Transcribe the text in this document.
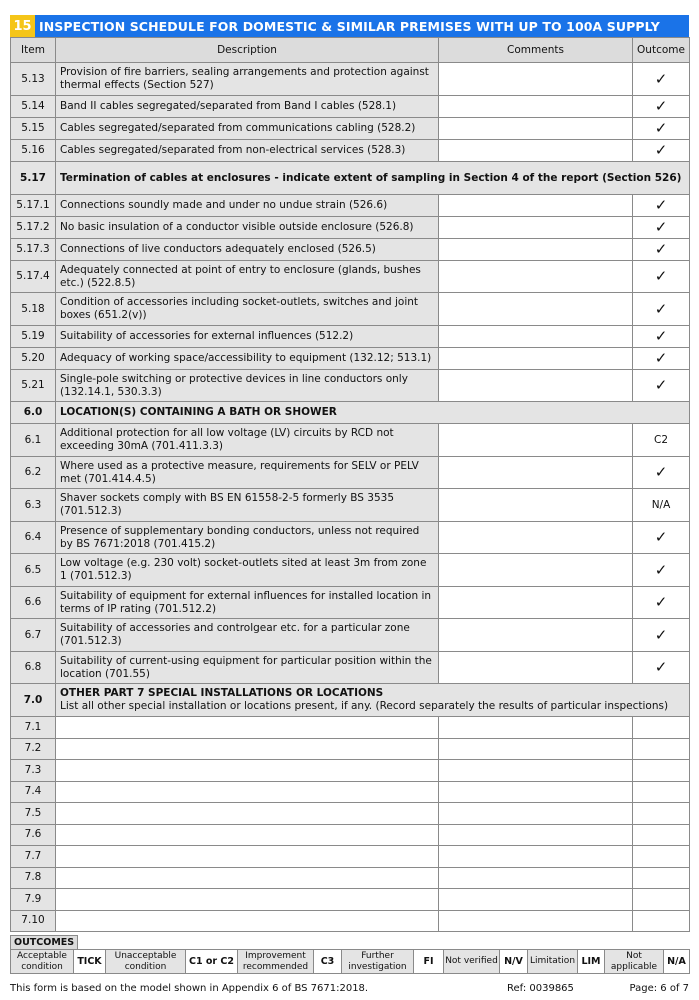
15 INSPECTION SCHEDULE FOR DOMESTIC & SIMILAR PREMISES WITH UP TO 100A SUPPLY
Item	Description	Comments	Outcome
5.13	Provision of fire barriers, sealing arrangements and protection against thermal effects (Section 527)		✓
5.14	Band II cables segregated/separated from Band I cables (528.1)		✓
5.15	Cables segregated/separated from communications cabling (528.2)		✓
5.16	Cables segregated/separated from non-electrical services (528.3)		✓
5.17	Termination of cables at enclosures - indicate extent of sampling in Section 4 of the report (Section 526)		
5.17.1	Connections soundly made and under no undue strain (526.6)		✓
5.17.2	No basic insulation of a conductor visible outside enclosure (526.8)		✓
5.17.3	Connections of live conductors adequately enclosed (526.5)		✓
5.17.4	Adequately connected at point of entry to enclosure (glands, bushes etc.) (522.8.5)		✓
5.18	Condition of accessories including socket-outlets, switches and joint boxes (651.2(v))		✓
5.19	Suitability of accessories for external influences (512.2)		✓
5.20	Adequacy of working space/accessibility to equipment (132.12; 513.1)		✓
5.21	Single-pole switching or protective devices in line conductors only (132.14.1, 530.3.3)		✓
6.0	LOCATION(S) CONTAINING A BATH OR SHOWER		
6.1	Additional protection for all low voltage (LV) circuits by RCD not exceeding 30mA (701.411.3.3)		C2
6.2	Where used as a protective measure, requirements for SELV or PELV met (701.414.4.5)		✓
6.3	Shaver sockets comply with BS EN 61558-2-5 formerly BS 3535 (701.512.3)		N/A
6.4	Presence of supplementary bonding conductors, unless not required by BS 7671:2018 (701.415.2)		✓
6.5	Low voltage (e.g. 230 volt) socket-outlets sited at least 3m from zone 1 (701.512.3)		✓
6.6	Suitability of equipment for external influences for installed location in terms of IP rating (701.512.2)		✓
6.7	Suitability of accessories and controlgear etc. for a particular zone (701.512.3)		✓
6.8	Suitability of current-using equipment for particular position within the location (701.55)		✓
7.0	OTHER PART 7 SPECIAL INSTALLATIONS OR LOCATIONS
List all other special installation or locations present, if any. (Record separately the results of particular inspections)		

7.1			
7.2			
7.3			
7.4			
7.5			
7.6			
7.7			
7.8			
7.9			
7.10			
OUTCOMES
Acceptable condition	TICK	Unacceptable condition	C1 or C2	Improvement recommended	C3	Further investigation	FI	Not verified	N/V	Limitation	LIM	Not applicable	N/A
This form is based on the model shown in Appendix 6 of BS 7671:2018.	Ref: 0039865	Page: 6 of 7
